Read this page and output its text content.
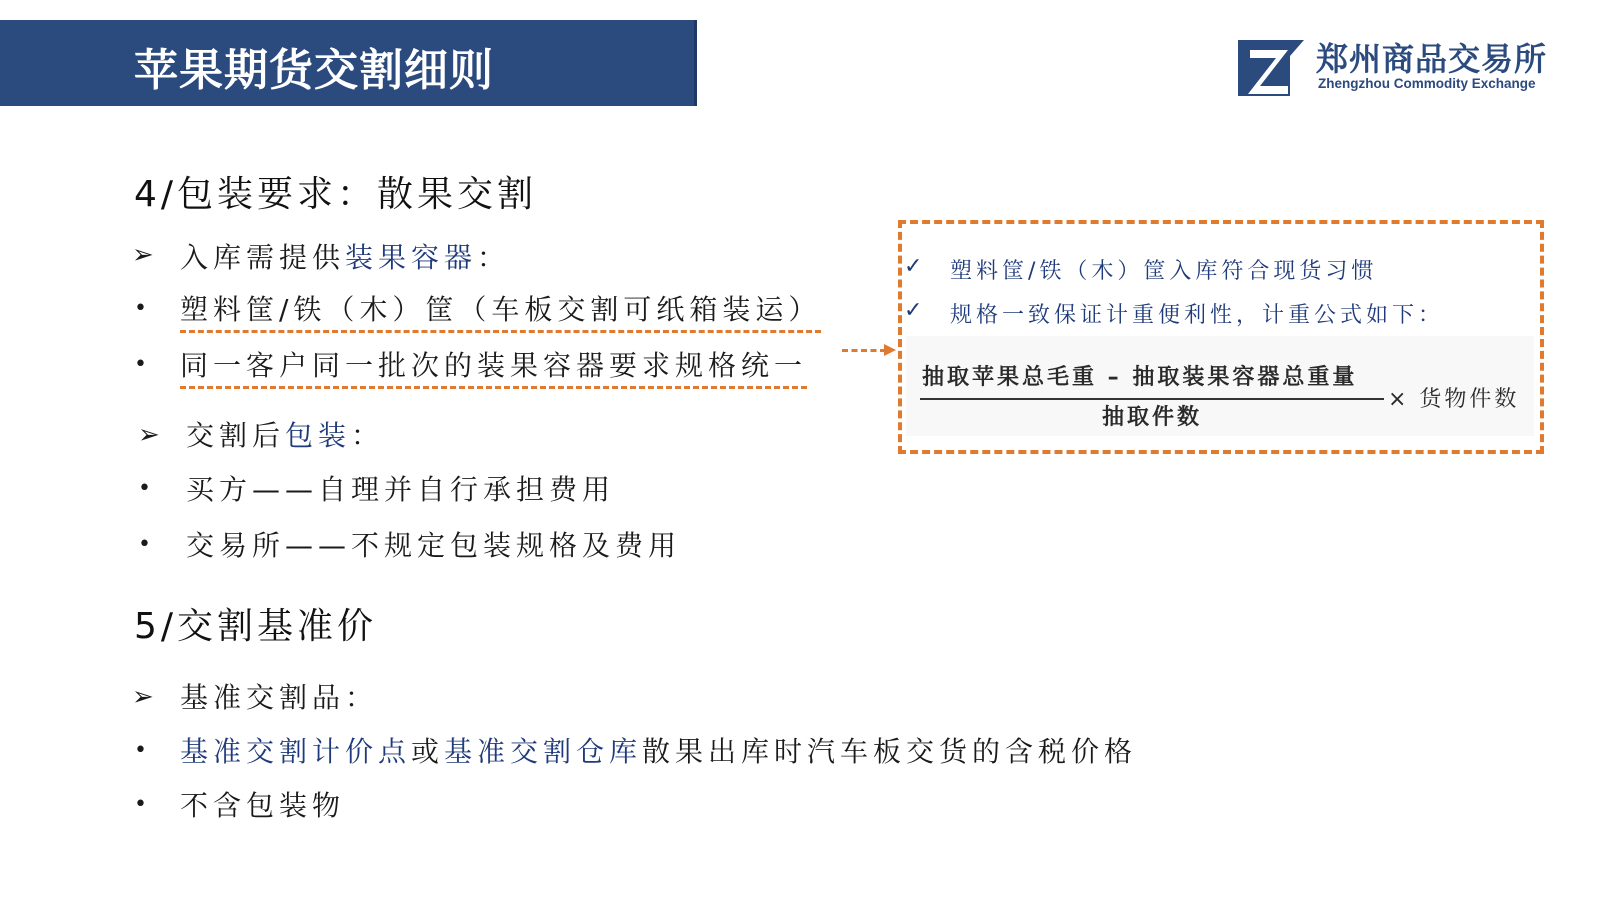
苹果期货交割细则	郑州商品交易所
Zhengzhou Commodity Exchange
4/包装要求：散果交割
➢ 入库需提供装果容器：
• 塑料筐/铁（木）筐（车板交割可纸箱装运）
• 同一客户同一批次的装果容器要求规格统一
➢ 交割后包装：
• 买方——自理并自行承担费用
• 交易所——不规定包装规格及费用
✓ 塑料筐/铁（木）筐入库符合现货习惯
✓ 规格一致保证计重便利性，计重公式如下：
抽取苹果总毛重 – 抽取装果容器总重量
抽取件数
× 货物件数
5/交割基准价
➢ 基准交割品：
• 基准交割计价点或基准交割仓库散果出库时汽车板交货的含税价格
• 不含包装物
